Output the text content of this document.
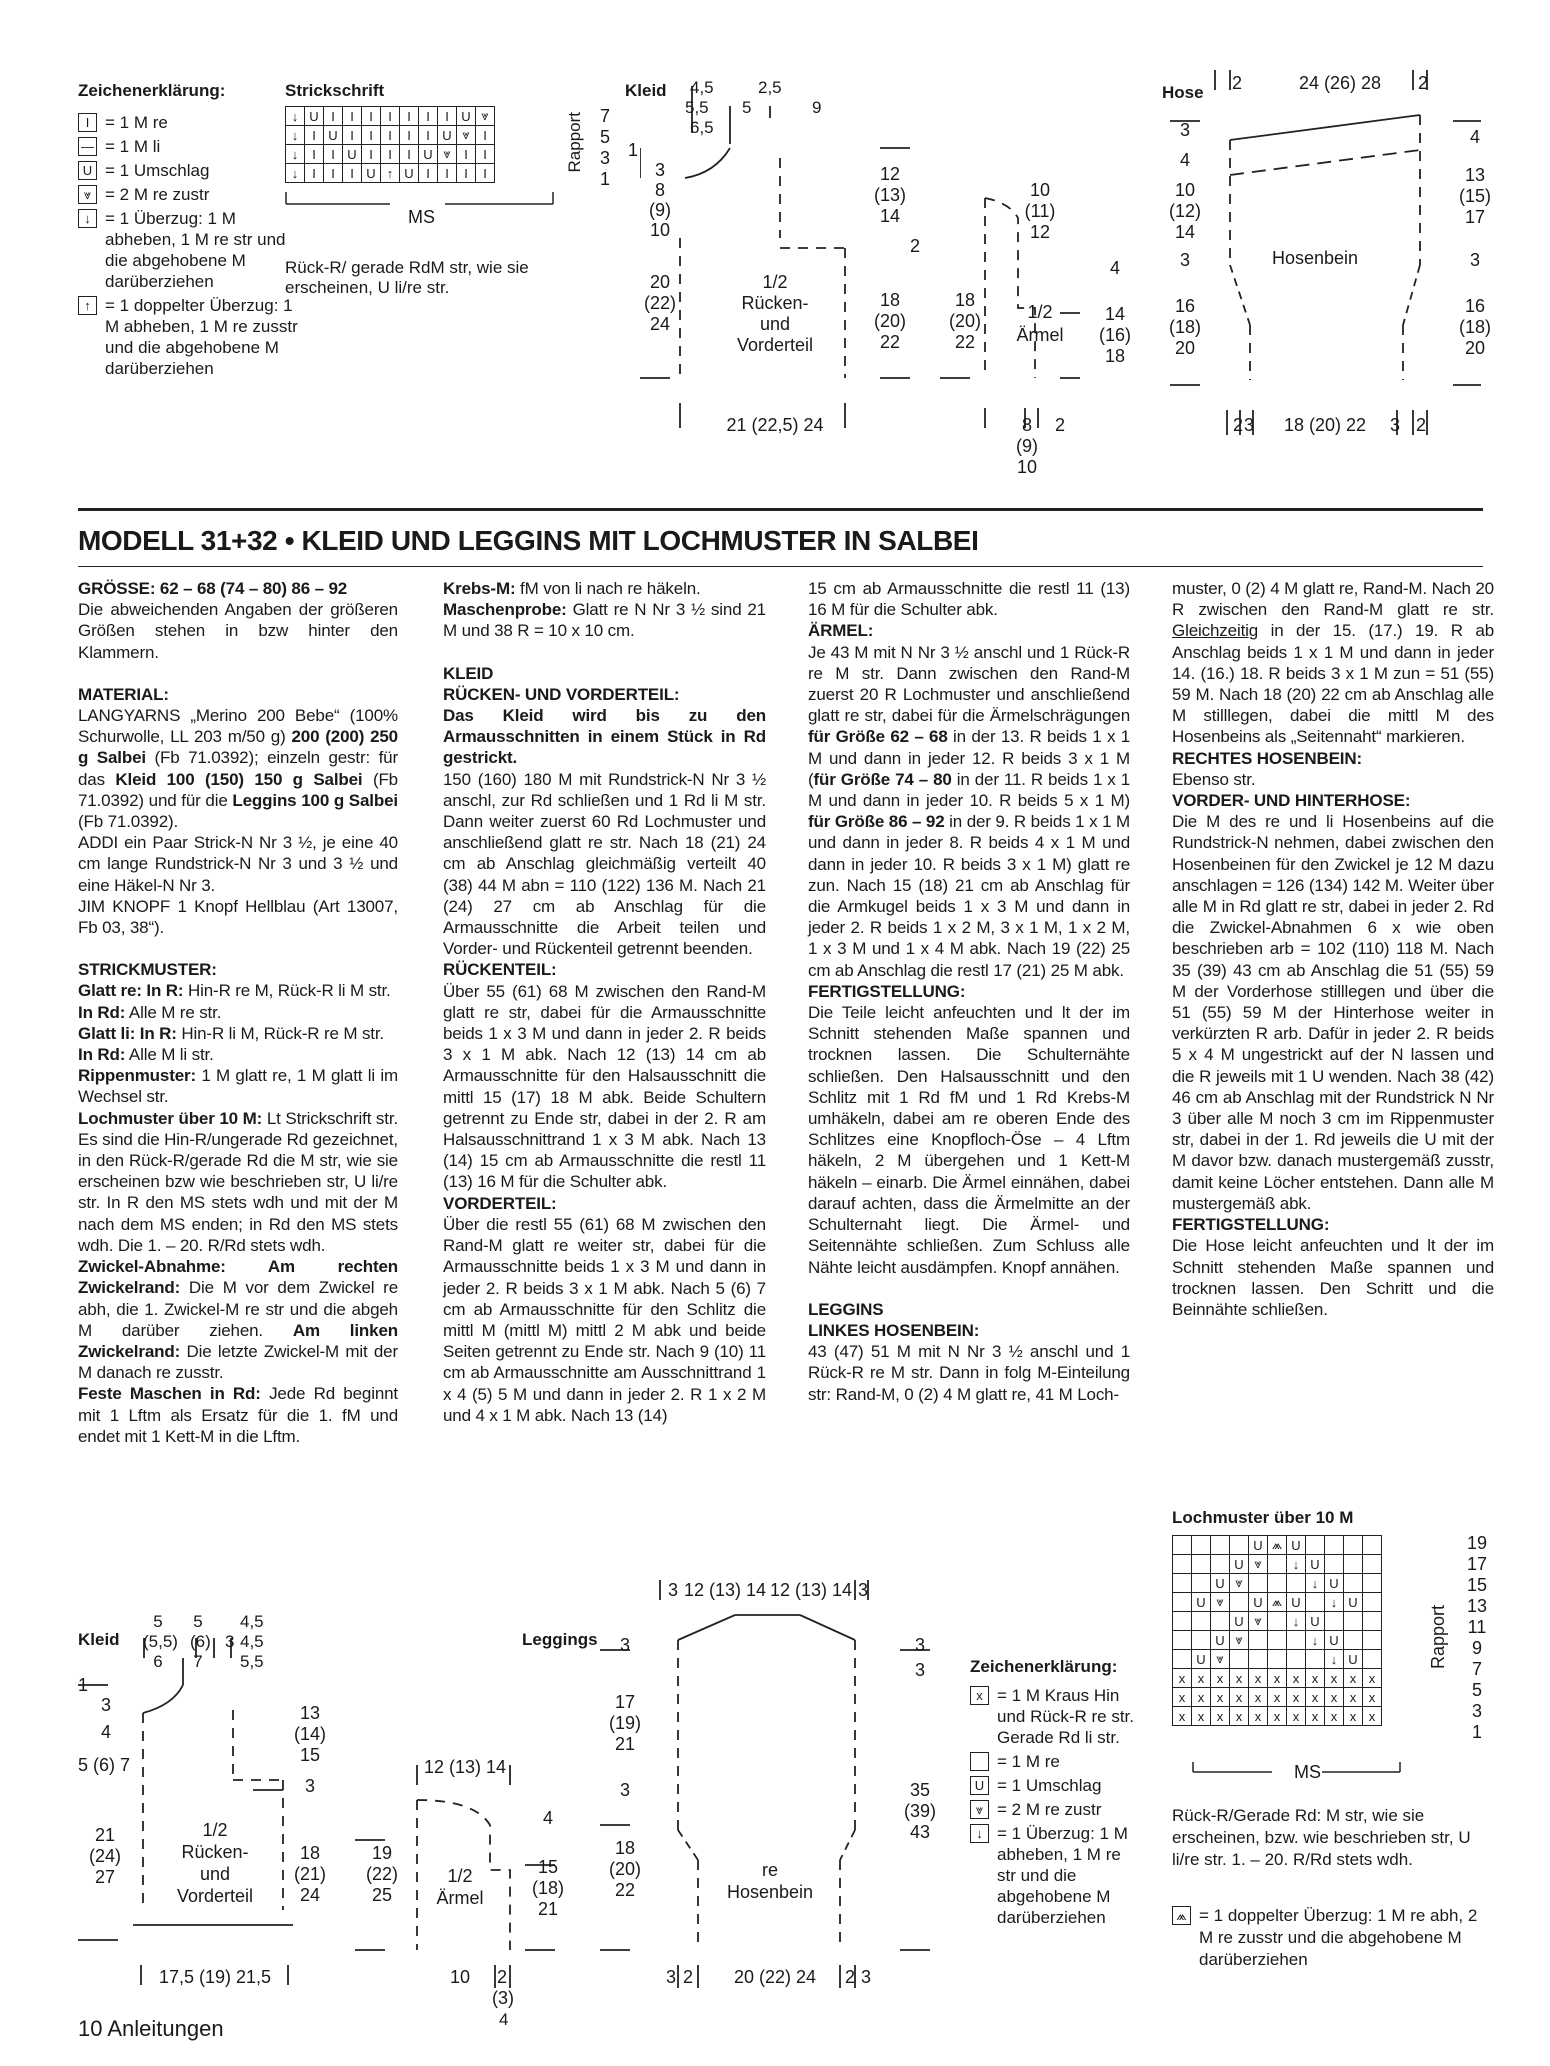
Zeichenerklärung:
I = 1 M re
— = 1 M li
U = 1 Umschlag
⩔ = 2 M re zustr
↓ = 1 Überzug: 1 M abheben, 1 M re str und die abgehobene M darüberziehen
↑ = 1 doppelter Überzug: 1 M abheben, 1 M re zusstr und die abgehobene M darüberziehen
Strickschrift
↓	U	I	I	I	I	I	I	I	U	⩔
↓	I	U	I	I	I	I	I	U	⩔	I
↓	I	I	U	I	I	I	U	⩔	I	I
↓	I	I	I	U	↑	U	I	I	I	I
Rapport 7
5
3
1
MS
Rück-R/ gerade RdM str, wie sie erscheinen, U li/re str.
Kleid 4,5
5,5
6,5
5
2,5
9
1
3
8
(9)
10
20
(22)
24
1/2
Rücken-
und
Vorderteil
12
(13)
14
2
18
(20)
22
21 (22,5) 24
18
(20)
22
10
(11)
12
1/2
Ärmel
4
14
(16)
18
8
(9)
10
2
Hose 2	24 (26) 28	2
3
4
10
(12)
14
3
16
(18)
20
4
13
(15)
17
3
16
(18)
20
Hosenbein
2 3	18 (20) 22	3 2
MODELL 31+32 • KLEID UND LEGGINS MIT LOCHMUSTER IN SALBEI

GRÖSSE: 62 – 68 (74 – 80) 86 – 92

Die abweichenden Angaben der größeren Größen stehen in bzw hinter den Klammern.

MATERIAL:

LANGYARNS „Merino 200 Bebe“ (100% Schurwolle, LL 203 m/50 g) 200 (200) 250 g Salbei (Fb 71.0392); einzeln gestr: für das Kleid 100 (150) 150 g Salbei (Fb 71.0392) und für die Leggins 100 g Salbei (Fb 71.0392).

ADDI ein Paar Strick-N Nr 3 ½, je eine 40 cm lange Rundstrick-N Nr 3 und 3 ½ und eine Häkel-N Nr 3.

JIM KNOPF 1 Knopf Hellblau (Art 13007, Fb 03, 38“).

STRICKMUSTER:

Glatt re: In R: Hin-R re M, Rück-R li M str.

In Rd: Alle M re str.

Glatt li: In R: Hin-R li M, Rück-R re M str.

In Rd: Alle M li str.

Rippenmuster: 1 M glatt re, 1 M glatt li im Wechsel str.

Lochmuster über 10 M: Lt Strickschrift str. Es sind die Hin-R/ungerade Rd gezeichnet, in den Rück-R/gerade Rd die M str, wie sie erscheinen bzw wie beschrieben str, U li/re str. In R den MS stets wdh und mit der M nach dem MS enden; in Rd den MS stets wdh. Die 1. – 20. R/Rd stets wdh.

Zwickel-Abnahme: Am rechten Zwickelrand: Die M vor dem Zwickel re abh, die 1. Zwickel-M re str und die abgeh M darüber ziehen. Am linken Zwickelrand: Die letzte Zwickel-M mit der M danach re zusstr.

Feste Maschen in Rd: Jede Rd beginnt mit 1 Lftm als Ersatz für die 1. fM und endet mit 1 Kett-M in die Lftm.

Krebs-M: fM von li nach re häkeln.

Maschenprobe: Glatt re N Nr 3 ½ sind 21 M und 38 R = 10 x 10 cm.

KLEID

RÜCKEN- UND VORDERTEIL:

Das Kleid wird bis zu den Armausschnitten in einem Stück in Rd gestrickt.

150 (160) 180 M mit Rundstrick-N Nr 3 ½ anschl, zur Rd schließen und 1 Rd li M str. Dann weiter zuerst 60 Rd Lochmuster und anschließend glatt re str. Nach 18 (21) 24 cm ab Anschlag gleichmäßig verteilt 40 (38) 44 M abn = 110 (122) 136 M. Nach 21 (24) 27 cm ab Anschlag für die Armausschnitte die Arbeit teilen und Vorder- und Rückenteil getrennt beenden.

RÜCKENTEIL:

Über 55 (61) 68 M zwischen den Rand-M glatt re str, dabei für die Armausschnitte beids 1 x 3 M und dann in jeder 2. R beids 3 x 1 M abk. Nach 12 (13) 14 cm ab Armausschnitte für den Halsausschnitt die mittl 15 (17) 18 M abk. Beide Schultern getrennt zu Ende str, dabei in der 2. R am Halsausschnittrand 1 x 3 M abk. Nach 13 (14) 15 cm ab Armausschnitte die restl 11 (13) 16 M für die Schulter abk.

VORDERTEIL:

Über die restl 55 (61) 68 M zwischen den Rand-M glatt re weiter str, dabei für die Armausschnitte beids 1 x 3 M und dann in jeder 2. R beids 3 x 1 M abk. Nach 5 (6) 7 cm ab Armausschnitte für den Schlitz die mittl M (mittl M) mittl 2 M abk und beide Seiten getrennt zu Ende str. Nach 9 (10) 11 cm ab Armausschnitte am Ausschnittrand 1 x 4 (5) 5 M und dann in jeder 2. R 1 x 2 M und 4 x 1 M abk. Nach 13 (14)

15 cm ab Armausschnitte die restl 11 (13) 16 M für die Schulter abk.

ÄRMEL:

Je 43 M mit N Nr 3 ½ anschl und 1 Rück-R re M str. Dann zwischen den Rand-M zuerst 20 R Lochmuster und anschließend glatt re str, dabei für die Ärmelschrägungen für Größe 62 – 68 in der 13. R beids 1 x 1 M und dann in jeder 12. R beids 3 x 1 M (für Größe 74 – 80 in der 11. R beids 1 x 1 M und dann in jeder 10. R beids 5 x 1 M) für Größe 86 – 92 in der 9. R beids 1 x 1 M und dann in jeder 8. R beids 4 x 1 M und dann in jeder 10. R beids 3 x 1 M) glatt re zun. Nach 15 (18) 21 cm ab Anschlag für die Armkugel beids 1 x 3 M und dann in jeder 2. R beids 1 x 2 M, 3 x 1 M, 1 x 2 M, 1 x 3 M und 1 x 4 M abk. Nach 19 (22) 25 cm ab Anschlag die restl 17 (21) 25 M abk.

FERTIGSTELLUNG:

Die Teile leicht anfeuchten und lt der im Schnitt stehenden Maße spannen und trocknen lassen. Die Schulternähte schließen. Den Halsausschnitt und den Schlitz mit 1 Rd fM und 1 Rd Krebs-M umhäkeln, dabei am re oberen Ende des Schlitzes eine Knopfloch-Öse – 4 Lftm häkeln, 2 M übergehen und 1 Kett-M häkeln – einarb. Die Ärmel einnähen, dabei darauf achten, dass die Ärmelmitte an der Schulternaht liegt. Die Ärmel- und Seitennähte schließen. Zum Schluss alle Nähte leicht ausdämpfen. Knopf annähen.

LEGGINS

LINKES HOSENBEIN:

43 (47) 51 M mit N Nr 3 ½ anschl und 1 Rück-R re M str. Dann in folg M-Einteilung str: Rand-M, 0 (2) 4 M glatt re, 41 M Loch-

muster, 0 (2) 4 M glatt re, Rand-M. Nach 20 R zwischen den Rand-M glatt re str. Gleichzeitig in der 15. (17.) 19. R ab Anschlag beids 1 x 1 M und dann in jeder 14. (16.) 18. R beids 3 x 1 M zun = 51 (55) 59 M. Nach 18 (20) 22 cm ab Anschlag alle M stilllegen, dabei die mittl M des Hosenbeins als „Seitennaht“ markieren.

RECHTES HOSENBEIN:

Ebenso str.

VORDER- UND HINTERHOSE:

Die M des re und li Hosenbeins auf die Rundstrick-N nehmen, dabei zwischen den Hosenbeinen für den Zwickel je 12 M dazu anschlagen = 126 (134) 142 M. Weiter über alle M in Rd glatt re str, dabei in jeder 2. Rd die Zwickel-Abnahmen 6 x wie oben beschrieben arb = 102 (110) 118 M. Nach 35 (39) 43 cm ab Anschlag die 51 (55) 59 M der Vorderhose stilllegen und über die 51 (55) 59 M der Hinterhose weiter in verkürzten R arb. Dafür in jeder 2. R beids 5 x 4 M ungestrickt auf der N lassen und die R jeweils mit 1 U wenden. Nach 38 (42) 46 cm ab Anschlag mit der Rundstrick N Nr 3 über alle M noch 3 cm im Rippenmuster str, dabei in der 1. Rd jeweils die U mit der M davor bzw. danach mustergemäß zusstr, damit keine Löcher entstehen. Dann alle M mustergemäß abk.

FERTIGSTELLUNG:

Die Hose leicht anfeuchten und lt der im Schnitt stehenden Maße spannen und trocknen lassen. Den Schritt und die Beinnähte schließen.

Lochmuster über 10 M
				U	⩕	U				
			U	⩔		↓	U			
		U	⩔				↓	U		
	U	⩔		U	⩕	U		↓	U	
			U	⩔		↓	U			
		U	⩔				↓	U		
	U	⩔						↓	U	
x	x	x	x	x	x	x	x	x	x	x
x	x	x	x	x	x	x	x	x	x	x
x	x	x	x	x	x	x	x	x	x	x
Rapport
19
17
15
13
11
9
7
5
3
1
MS
Rück-R/Gerade Rd: M str, wie sie erscheinen, bzw. wie beschrieben str, U li/re str. 1. – 20. R/Rd stets wdh.
⩕ = 1 doppelter Überzug: 1 M re abh, 2 M re zusstr und die abgehobene M darüberziehen
Zeichenerklärung:
x = 1 M Kraus Hin und Rück-R re str. Gerade Rd li str.
= 1 M re
U = 1 Umschlag
⩔ = 2 M re zustr
↓ = 1 Überzug: 1 M abheben, 1 M re str und die abgehobene M darüberziehen
Kleid
5
(5,5)
6
5
(6)
7
3
4,5
4,5
5,5
1
3
4
5 (6) 7
21
(24)
27
1/2
Rücken-
und
Vorderteil
13
(14)
15
3
18
(21)
24
17,5 (19) 21,5
19
(22)
25
12 (13) 14
4
15
(18)
21
1/2
Ärmel
10 2
(3)
4
Leggings
3 12 (13) 14 12 (13) 14 3
3
17
(19)
21
3
18
(20)
22
3
3
35
(39)
43
re
Hosenbein
3 2	20 (22) 24	2 3
10 Anleitungen
